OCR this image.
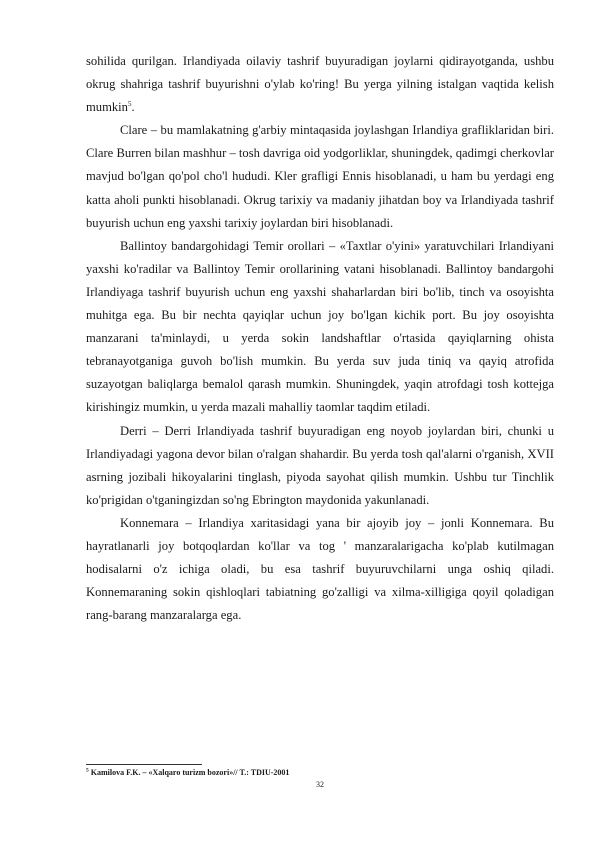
sohilida qurilgan. Irlandiyada oilaviy tashrif buyuradigan joylarni qidirayotganda, ushbu okrug shahriga tashrif buyurishni o'ylab ko'ring! Bu yerga yilning istalgan vaqtida kelish mumkin$^5$.

Clare – bu mamlakatning g'arbiy mintaqasida joylashgan Irlandiya grafliklaridan biri. Clare Burren bilan mashhur – tosh davriga oid yodgorliklar, shuningdek, qadimgi cherkovlar mavjud bo'lgan qo'pol cho'l hududi. Kler grafligi Ennis hisoblanadi, u ham bu yerdagi eng katta aholi punkti hisoblanadi. Okrug tarixiy va madaniy jihatdan boy va Irlandiyada tashrif buyurish uchun eng yaxshi tarixiy joylardan biri hisoblanadi.

Ballintoy bandargohidagi Temir orollari – «Taxtlar o'yini» yaratuvchilari Irlandiyani yaxshi ko'radilar va Ballintoy Temir orollarining vatani hisoblanadi. Ballintoy bandargohi Irlandiyaga tashrif buyurish uchun eng yaxshi shaharlardan biri bo'lib, tinch va osoyishta muhitga ega. Bu bir nechta qayiqlar uchun joy bo'lgan kichik port. Bu joy osoyishta manzarani ta'minlaydi, u yerda sokin landshaftlar o'rtasida qayiqlarning ohista tebranayotganiga guvoh bo'lish mumkin. Bu yerda suv juda tiniq va qayiq atrofida suzayotgan baliqlarga bemalol qarash mumkin. Shuningdek, yaqin atrofdagi tosh kottejga kirishingiz mumkin, u yerda mazali mahalliy taomlar taqdim etiladi.

Derri – Derri Irlandiyada tashrif buyuradigan eng noyob joylardan biri, chunki u Irlandiyadagi yagona devor bilan o'ralgan shahardir. Bu yerda tosh qal'alarni o'rganish, XVII asrning jozibali hikoyalarini tinglash, piyoda sayohat qilish mumkin. Ushbu tur Tinchlik ko'prigidan o'tganingizdan so'ng Ebrington maydonida yakunlanadi.

Konnemara – Irlandiya xaritasidagi yana bir ajoyib joy – jonli Konnemara. Bu hayratlanarli joy botqoqlardan ko'llar va tog ' manzaralarigacha ko'plab kutilmagan hodisalarni o'z ichiga oladi, bu esa tashrif buyuruvchilarni unga oshiq qiladi. Konnemaraning sokin qishloqlari tabiatning go'zalligi va xilma-xilligiga qoyil qoladigan rang-barang manzaralarga ega.

$^5$ Kamilova F.K. – «Xalqaro turizm bozori»// T.: TDIU-2001
32
